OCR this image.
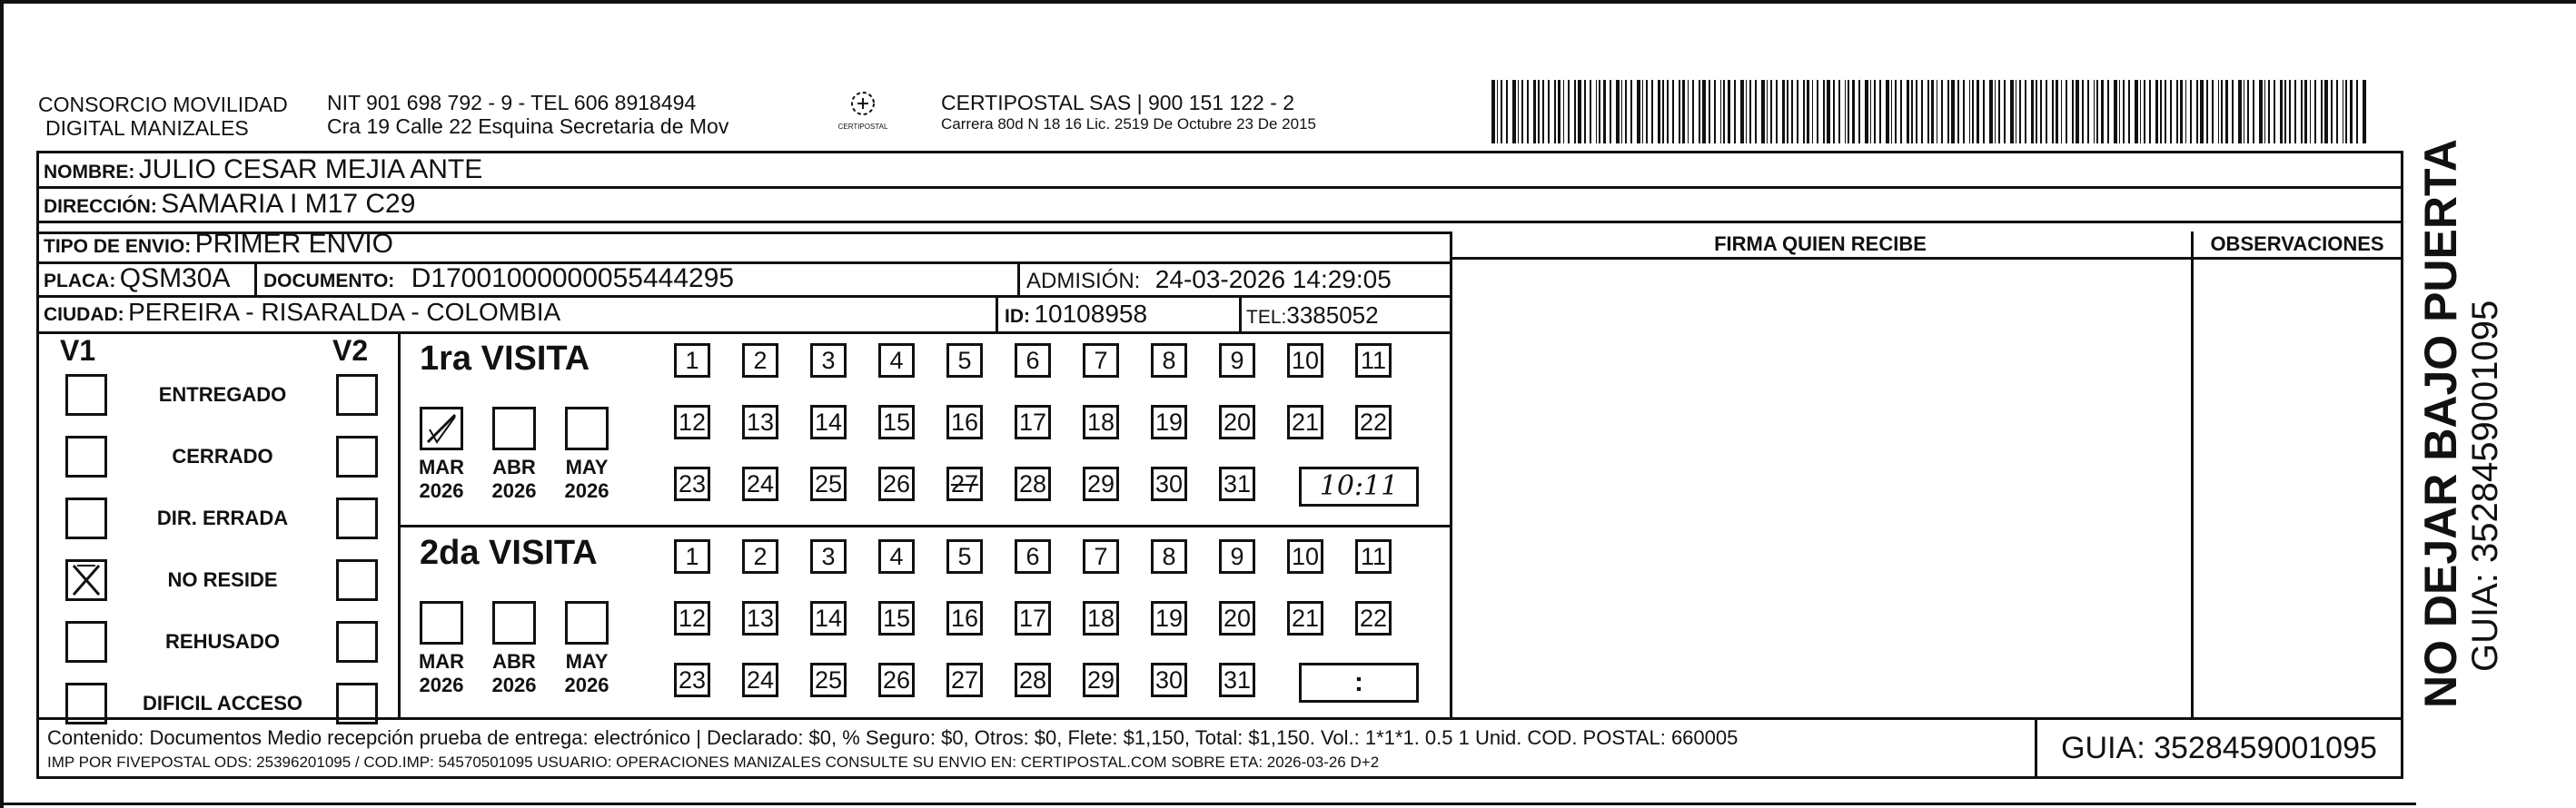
CONSORCIO MOVILIDAD
DIGITAL MANIZALES
NIT 901 698 792 - 9 - TEL 606 8918494
Cra 19 Calle 22 Esquina Secretaria de Mov	CERTIPOSTAL
CERTIPOSTAL SAS | 900 151 122 - 2
Carrera 80d N 18 16 Lic. 2519 De Octubre 23 De 2015
NOMBRE: JULIO CESAR MEJIA ANTE
DIRECCIÓN: SAMARIA I M17 C29
TIPO DE ENVIO: PRIMER ENVIO
PLACA: QSM30A DOCUMENTO: D17001000000055444295	ADMISIÓN: 24-03-2026 14:29:05
CIUDAD: PEREIRA - RISARALDA - COLOMBIA	ID: 10108958	TEL:3385052
FIRMA QUIEN RECIBE	OBSERVACIONES
V1	V2
ENTREGADO
CERRADO
DIR. ERRADA
NO RESIDE
REHUSADO
DIFICIL ACCESO
1ra VISITA
2da VISITA
MAR
2026
ABR
2026
MAY
2026
MAR
2026
ABR
2026
MAY
2026
1	2	3	4	5	6	7	8	9	10 11
12 13 14 15 16 17 18 19 20 21 22
23 24 25 26 27 28 29 30 31	10:11
1	2	3	4	5	6	7	8	9	10 11
12 13 14 15 16 17 18 19 20 21 22
23 24 25 26 27 28 29 30 31	:
Contenido: Documentos Medio recepción prueba de entrega: electrónico | Declarado: $0, % Seguro: $0, Otros: $0, Flete: $1,150, Total: $1,150. Vol.: 1*1*1. 0.5 1 Unid. COD. POSTAL: 660005
IMP POR FIVEPOSTAL ODS: 25396201095 / COD.IMP: 54570501095 USUARIO: OPERACIONES MANIZALES CONSULTE SU ENVIO EN: CERTIPOSTAL.COM SOBRE ETA: 2026-03-26 D+2	GUIA: 3528459001095
NO DEJAR BAJO PUERTA GUIA: 3528459001095
